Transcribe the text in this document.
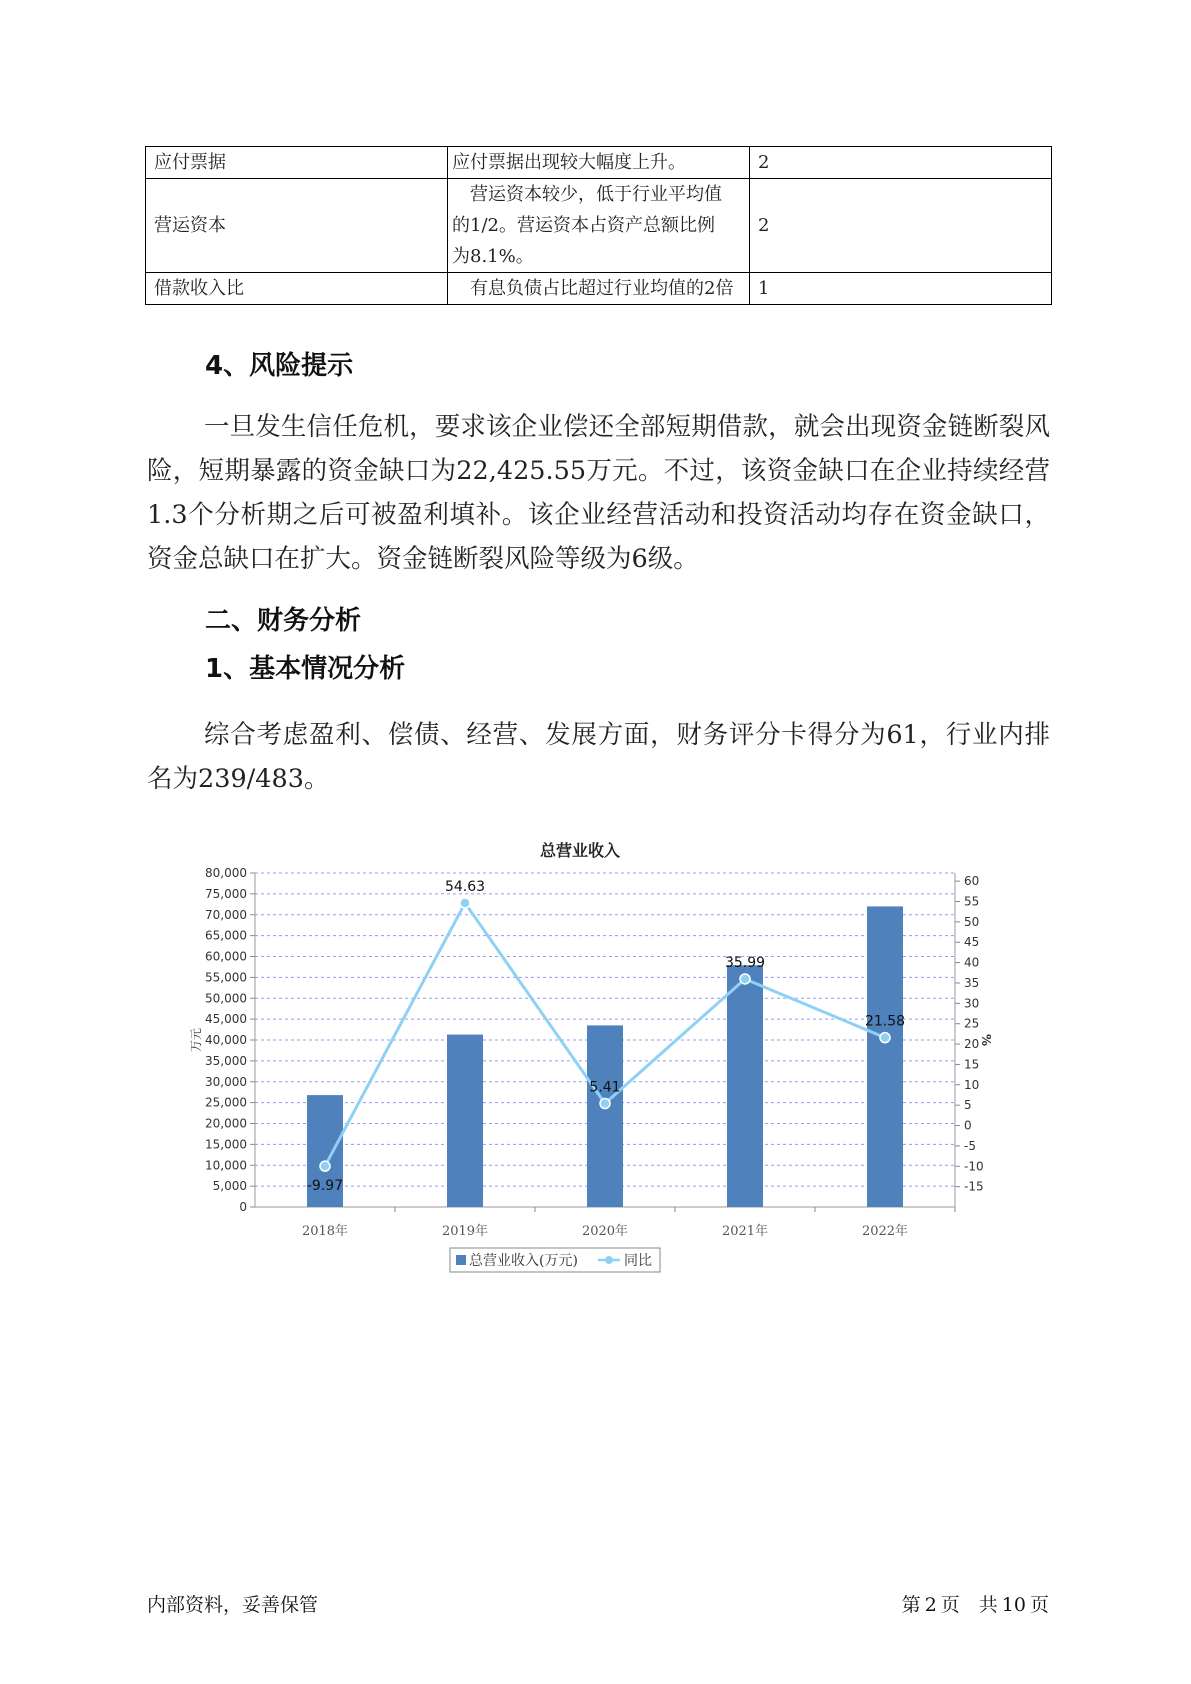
应付票据	应付票据出现较大幅度上升。	2
营运资本	　营运资本较少，低于行业平均值
的1/2。营运资本占资产总额比例
为8.1%。	2
借款收入比	　有息负债占比超过行业均值的2倍	1
4、风险提示

一旦发生信任危机，要求该企业偿还全部短期借款，就会出现资金链断裂风险，短期暴露的资金缺口为22,425.55万元。不过，该资金缺口在企业持续经营 1.3个分析期之后可被盈利填补。该企业经营活动和投资活动均存在资金缺口，资金总缺口在扩大。资金链断裂风险等级为6级。

二、财务分析
1、基本情况分析

综合考虑盈利、偿债、经营、发展方面，财务评分卡得分为61，行业内排名为239/483。

总营业收入
0
5,000
10,000
15,000
20,000
25,000
30,000
35,000
40,000
45,000
50,000
55,000
60,000
65,000
70,000
75,000
80,000
-15
-10
-5
0
5
10
15
20
25
30
35
40
45
50
55
60
万元	%
2018年	2019年	2020年	2021年	2022年
-9.97
54.63
5.41
35.99
21.58
总营业收入(万元)	同比
内部资料，妥善保管	第 2 页　共 10 页
